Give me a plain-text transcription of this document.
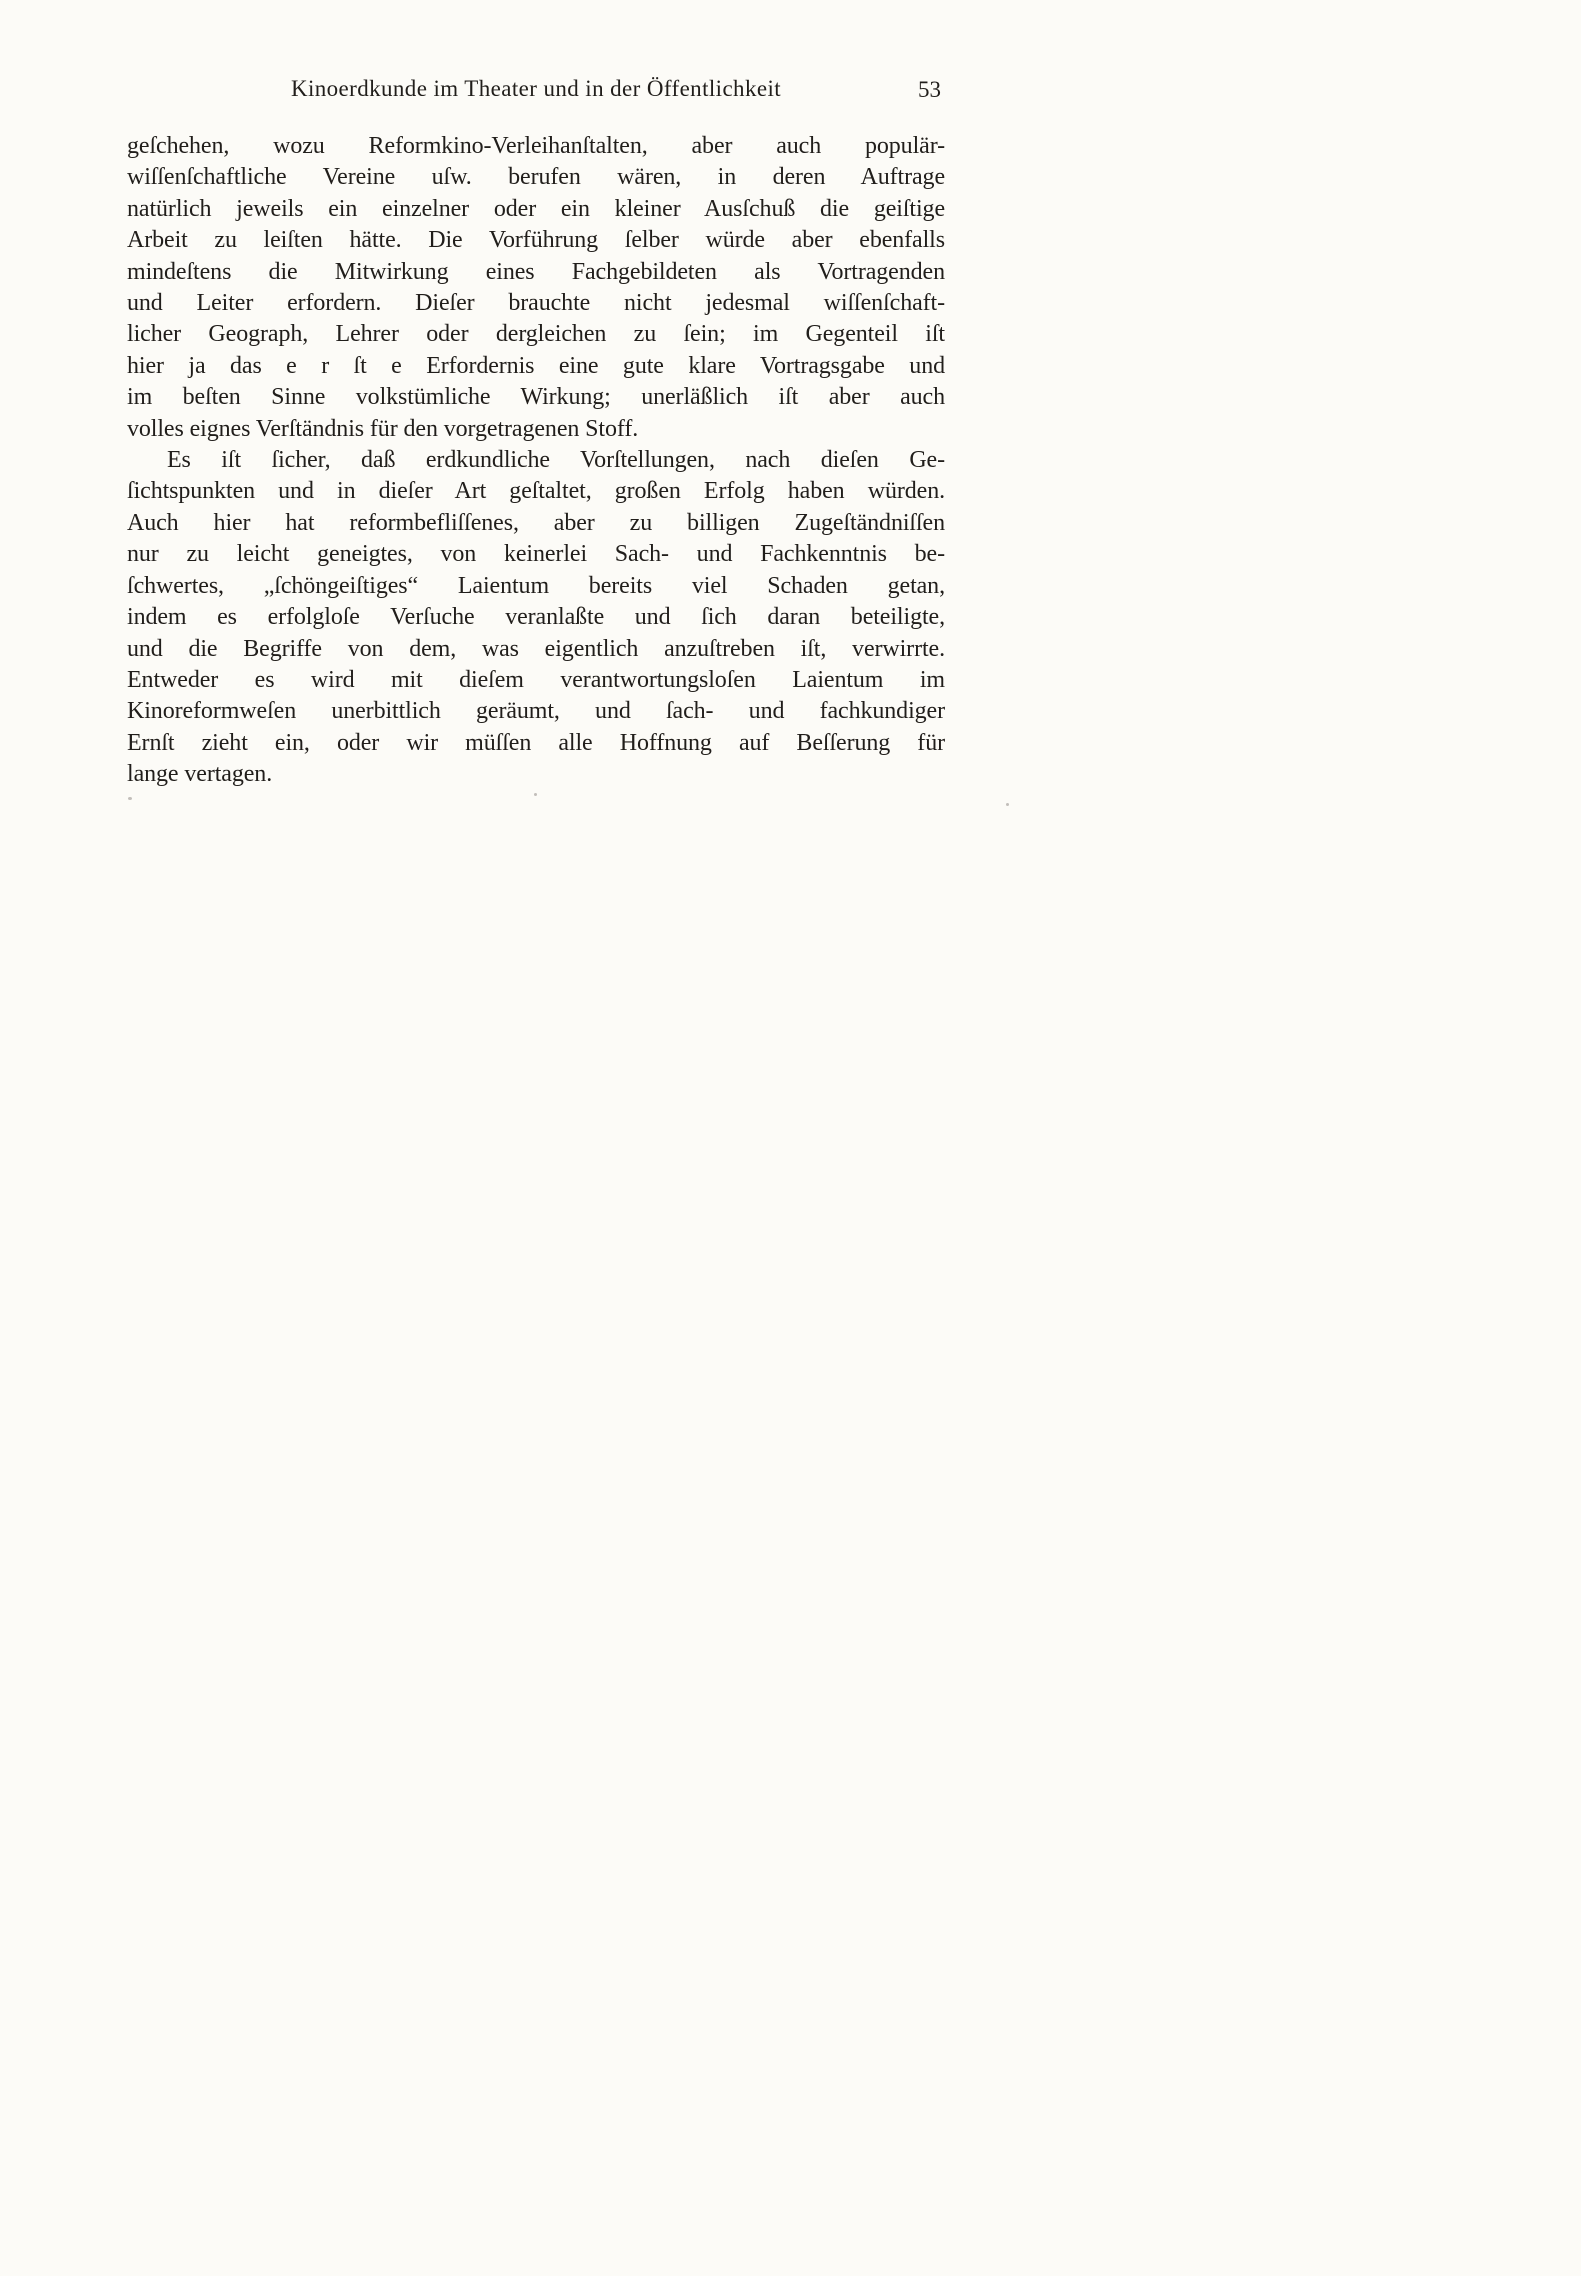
Kinoerdkunde im Theater und in der Öffentlichkeit	53
geſchehen, wozu Reformkino-Verleihanſtalten, aber auch populär-
wiſſenſchaftliche Vereine uſw. berufen wären, in deren Auftrage
natürlich jeweils ein einzelner oder ein kleiner Ausſchuß die geiſtige
Arbeit zu leiſten hätte. Die Vorführung ſelber würde aber ebenfalls
mindeſtens die Mitwirkung eines Fachgebildeten als Vortragenden
und Leiter erfordern. Dieſer brauchte nicht jedesmal wiſſenſchaft-
licher Geograph, Lehrer oder dergleichen zu ſein; im Gegenteil iſt
hier ja das e r ſt e Erfordernis eine gute klare Vortragsgabe und
im beſten Sinne volkstümliche Wirkung; unerläßlich iſt aber auch
volles eignes Verſtändnis für den vorgetragenen Stoff.
Es iſt ſicher, daß erdkundliche Vorſtellungen, nach dieſen Ge-
ſichtspunkten und in dieſer Art geſtaltet, großen Erfolg haben würden.
Auch hier hat reformbefliſſenes, aber zu billigen Zugeſtändniſſen
nur zu leicht geneigtes, von keinerlei Sach- und Fachkenntnis be-
ſchwertes, „ſchöngeiſtiges“ Laientum bereits viel Schaden getan,
indem es erfolgloſe Verſuche veranlaßte und ſich daran beteiligte,
und die Begriffe von dem, was eigentlich anzuſtreben iſt, verwirrte.
Entweder es wird mit dieſem verantwortungsloſen Laientum im
Kinoreformweſen unerbittlich geräumt, und ſach- und fachkundiger
Ernſt zieht ein, oder wir müſſen alle Hoffnung auf Beſſerung für
lange vertagen.
